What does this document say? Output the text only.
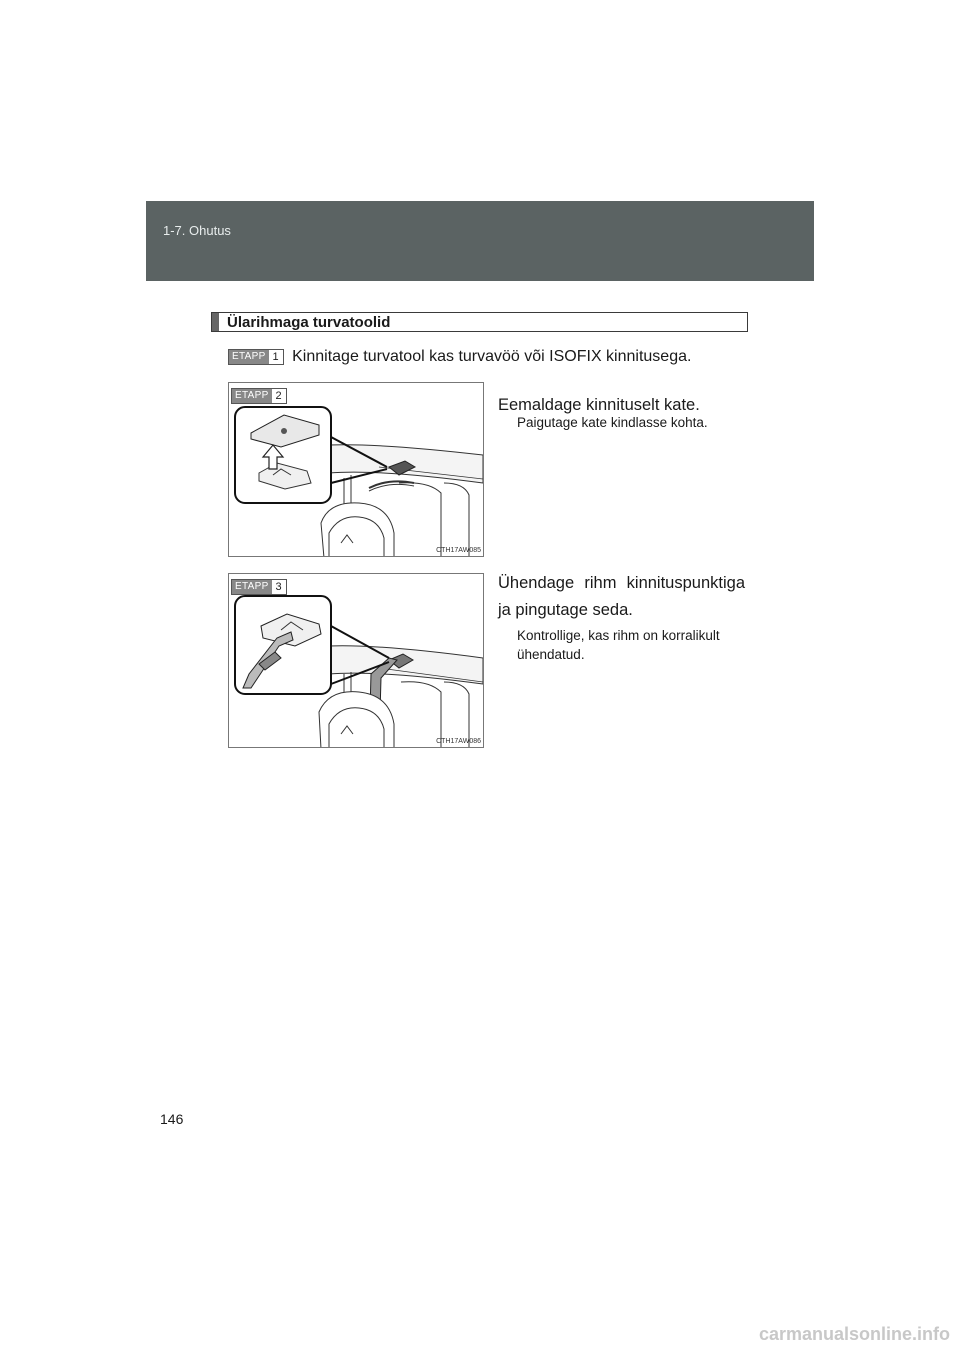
1-7. Ohutus
Ülarihmaga turvatoolid
ETAPP 1 Kinnitage turvatool kas turvavöö või ISOFIX kinnitusega.
ETAPP 2
CTH17AW085
Eemaldage kinnituselt kate.
Paigutage kate kindlasse kohta.
ETAPP 3
CTH17AW086
Ühendage rihm kinnituspunktiga
ja pingutage seda.
Kontrollige, kas rihm on korralikult ühendatud.
146
carmanualsonline.info
